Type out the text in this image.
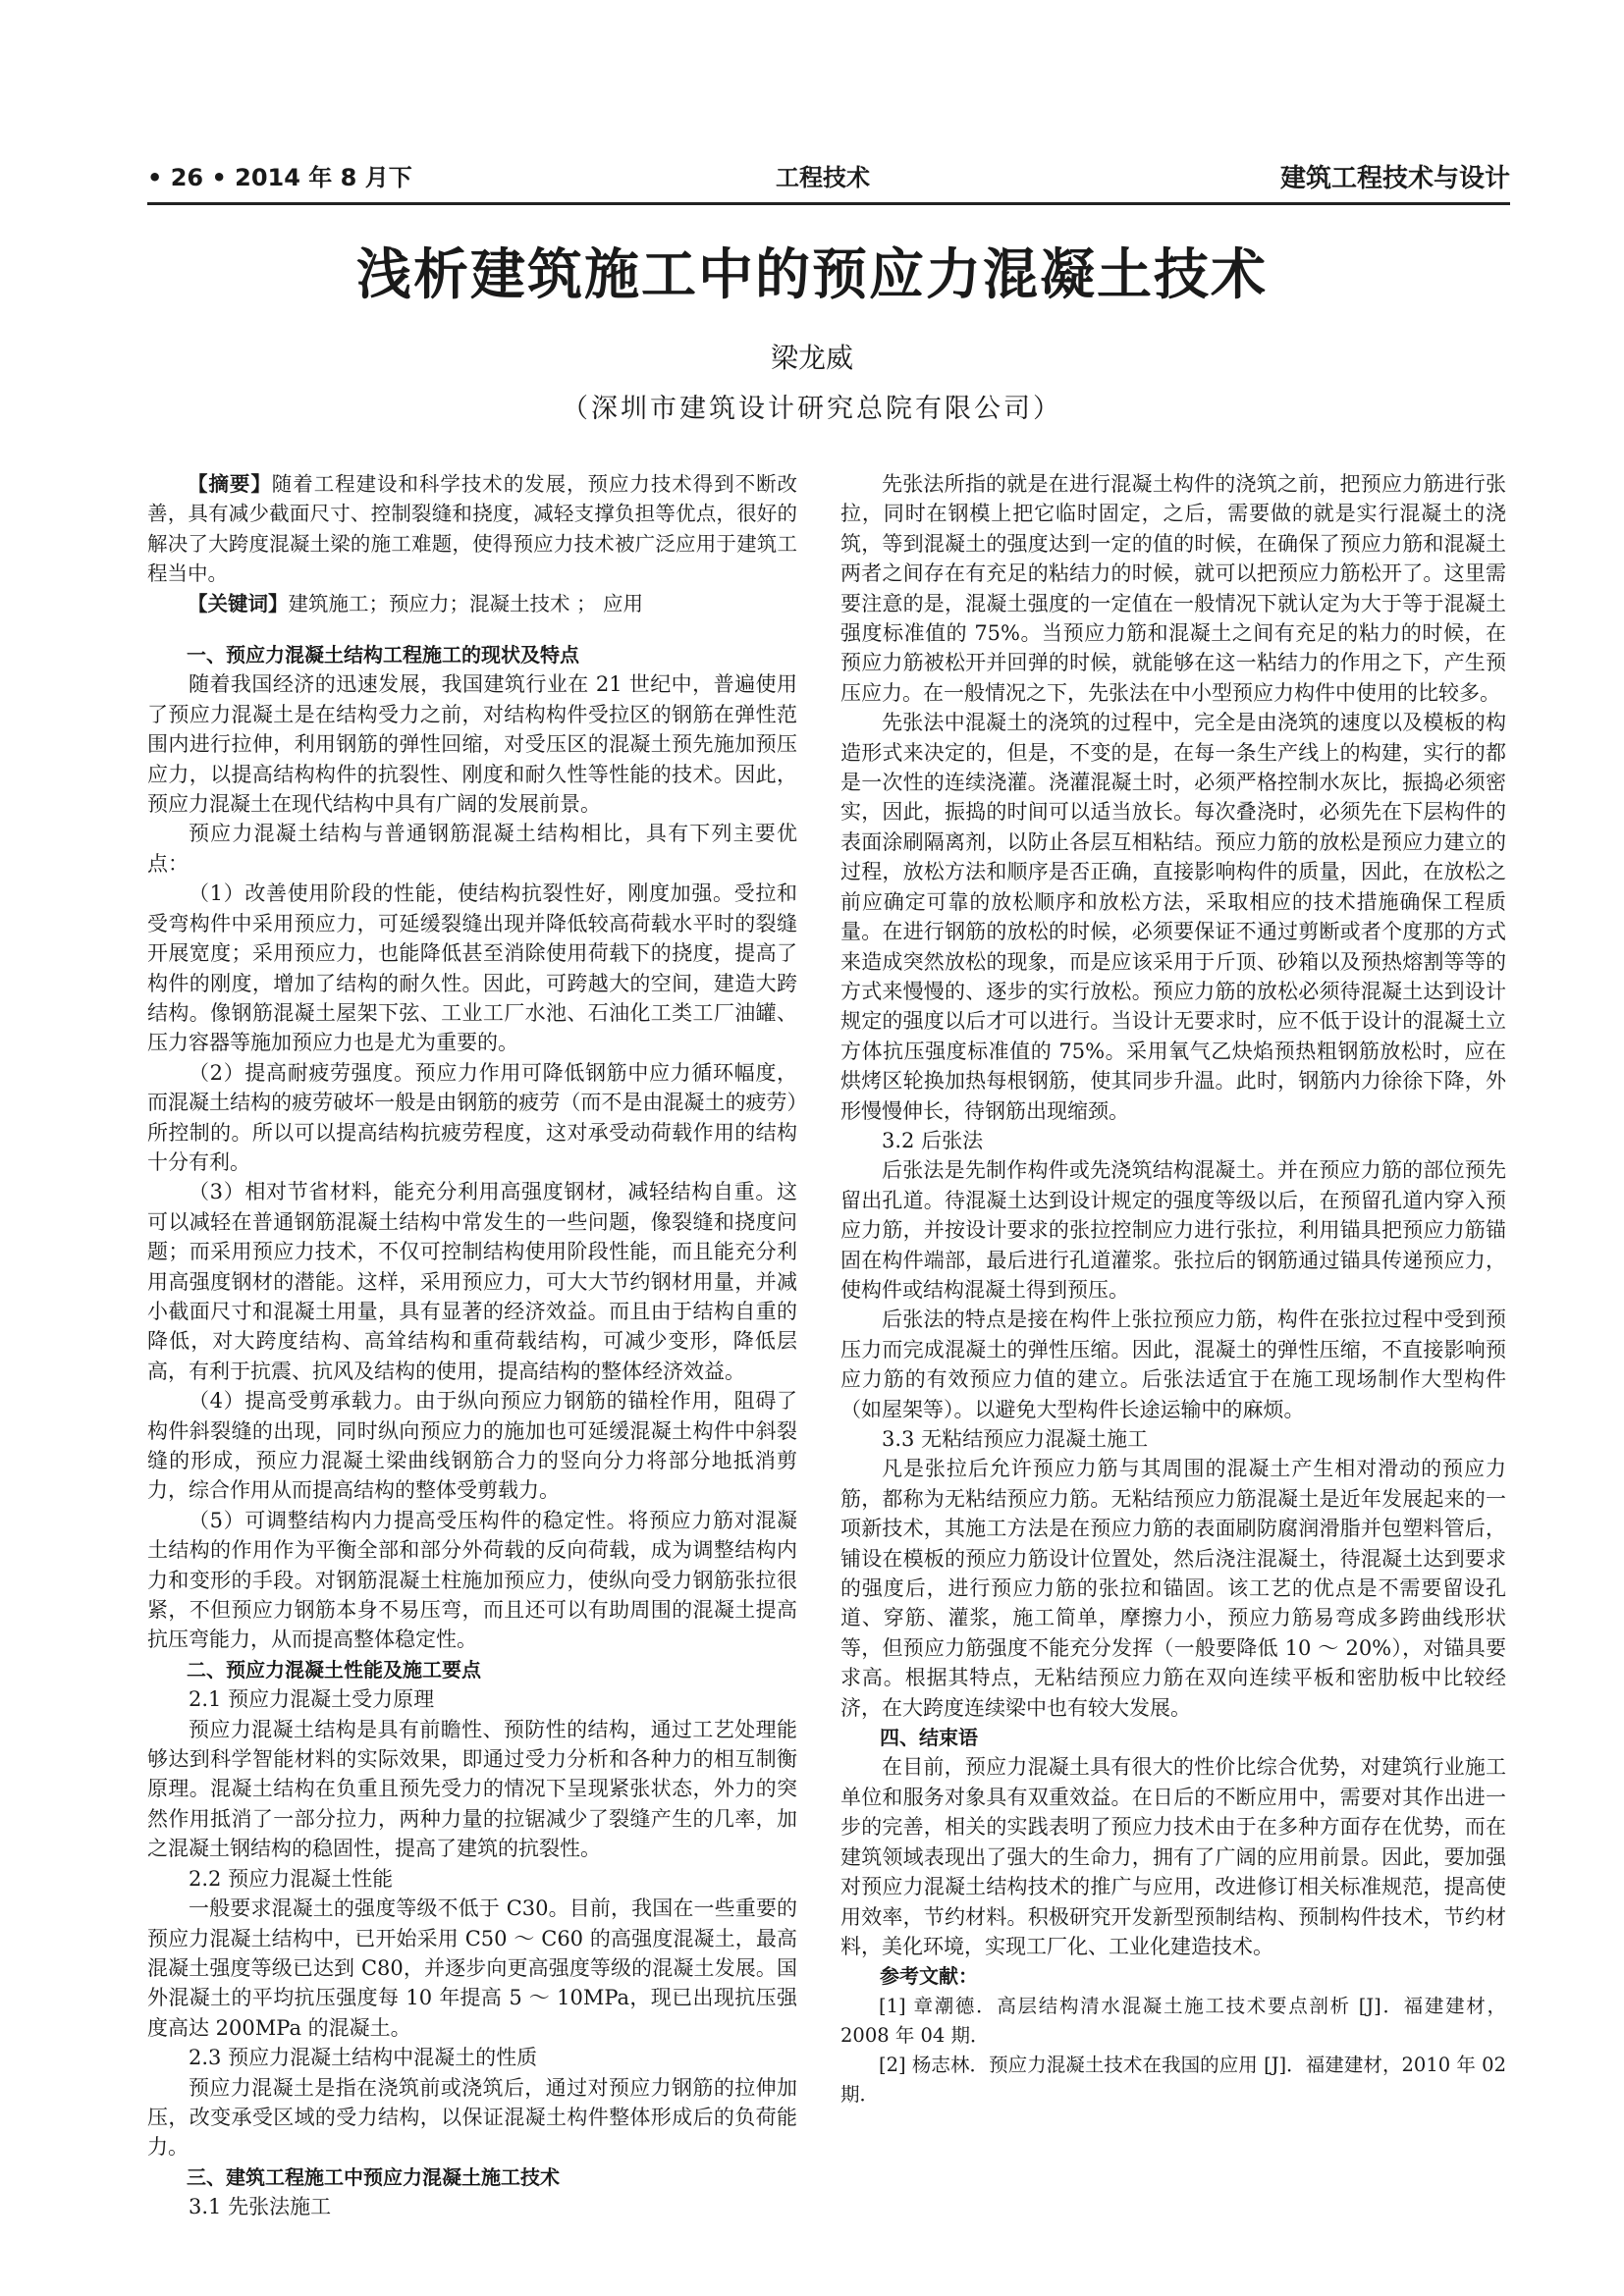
• 26 • 2014 年 8 月下	工程技术	建筑工程技术与设计
浅析建筑施工中的预应力混凝土技术
梁龙威
（深圳市建筑设计研究总院有限公司）

【摘要】随着工程建设和科学技术的发展，预应力技术得到不断改善，具有减少截面尺寸、控制裂缝和挠度，减轻支撑负担等优点，很好的解决了大跨度混凝土梁的施工难题，使得预应力技术被广泛应用于建筑工程当中。

【关键词】建筑施工；预应力；混凝土技术 ； 应用

一、预应力混凝土结构工程施工的现状及特点

随着我国经济的迅速发展，我国建筑行业在 21 世纪中，普遍使用了预应力混凝土是在结构受力之前，对结构构件受拉区的钢筋在弹性范围内进行拉伸，利用钢筋的弹性回缩，对受压区的混凝土预先施加预压应力，以提高结构构件的抗裂性、刚度和耐久性等性能的技术。因此，预应力混凝土在现代结构中具有广阔的发展前景。

预应力混凝土结构与普通钢筋混凝土结构相比，具有下列主要优点：

（1）改善使用阶段的性能，使结构抗裂性好，刚度加强。受拉和受弯构件中采用预应力，可延缓裂缝出现并降低较高荷载水平时的裂缝开展宽度；采用预应力，也能降低甚至消除使用荷载下的挠度，提高了构件的刚度，增加了结构的耐久性。因此，可跨越大的空间，建造大跨结构。像钢筋混凝土屋架下弦、工业工厂水池、石油化工类工厂油罐、压力容器等施加预应力也是尤为重要的。

（2）提高耐疲劳强度。预应力作用可降低钢筋中应力循环幅度，而混凝土结构的疲劳破坏一般是由钢筋的疲劳（而不是由混凝土的疲劳）所控制的。所以可以提高结构抗疲劳程度，这对承受动荷载作用的结构十分有利。

（3）相对节省材料，能充分利用高强度钢材，减轻结构自重。这可以减轻在普通钢筋混凝土结构中常发生的一些问题，像裂缝和挠度问题；而采用预应力技术，不仅可控制结构使用阶段性能，而且能充分利用高强度钢材的潜能。这样，采用预应力，可大大节约钢材用量，并减小截面尺寸和混凝土用量，具有显著的经济效益。而且由于结构自重的降低，对大跨度结构、高耸结构和重荷载结构，可减少变形，降低层高，有利于抗震、抗风及结构的使用，提高结构的整体经济效益。

（4）提高受剪承载力。由于纵向预应力钢筋的锚栓作用，阻碍了构件斜裂缝的出现，同时纵向预应力的施加也可延缓混凝土构件中斜裂缝的形成，预应力混凝土梁曲线钢筋合力的竖向分力将部分地抵消剪力，综合作用从而提高结构的整体受剪载力。

（5）可调整结构内力提高受压构件的稳定性。将预应力筋对混凝土结构的作用作为平衡全部和部分外荷载的反向荷载，成为调整结构内力和变形的手段。对钢筋混凝土柱施加预应力，使纵向受力钢筋张拉很紧，不但预应力钢筋本身不易压弯，而且还可以有助周围的混凝土提高抗压弯能力，从而提高整体稳定性。

二、预应力混凝土性能及施工要点

2.1 预应力混凝土受力原理

预应力混凝土结构是具有前瞻性、预防性的结构，通过工艺处理能够达到科学智能材料的实际效果，即通过受力分析和各种力的相互制衡原理。混凝土结构在负重且预先受力的情况下呈现紧张状态，外力的突然作用抵消了一部分拉力，两种力量的拉锯减少了裂缝产生的几率，加之混凝土钢结构的稳固性，提高了建筑的抗裂性。

2.2 预应力混凝土性能

一般要求混凝土的强度等级不低于 C30。目前，我国在一些重要的预应力混凝土结构中，已开始采用 C50 ～ C60 的高强度混凝土，最高混凝土强度等级已达到 C80，并逐步向更高强度等级的混凝土发展。国外混凝土的平均抗压强度每 10 年提高 5 ～ 10MPa，现已出现抗压强度高达 200MPa 的混凝土。

2.3 预应力混凝土结构中混凝土的性质

预应力混凝土是指在浇筑前或浇筑后，通过对预应力钢筋的拉伸加压，改变承受区域的受力结构，以保证混凝土构件整体形成后的负荷能力。

三、建筑工程施工中预应力混凝土施工技术

3.1 先张法施工

先张法所指的就是在进行混凝土构件的浇筑之前，把预应力筋进行张拉，同时在钢模上把它临时固定，之后，需要做的就是实行混凝土的浇筑，等到混凝土的强度达到一定的值的时候，在确保了预应力筋和混凝土两者之间存在有充足的粘结力的时候，就可以把预应力筋松开了。这里需要注意的是，混凝土强度的一定值在一般情况下就认定为大于等于混凝土强度标准值的 75%。当预应力筋和混凝土之间有充足的粘力的时候，在预应力筋被松开并回弹的时候，就能够在这一粘结力的作用之下，产生预压应力。在一般情况之下，先张法在中小型预应力构件中使用的比较多。

先张法中混凝土的浇筑的过程中，完全是由浇筑的速度以及模板的构造形式来决定的，但是，不变的是，在每一条生产线上的构建，实行的都是一次性的连续浇灌。浇灌混凝土时，必须严格控制水灰比，振捣必须密实，因此，振捣的时间可以适当放长。每次叠浇时，必须先在下层构件的表面涂刷隔离剂，以防止各层互相粘结。预应力筋的放松是预应力建立的过程，放松方法和顺序是否正确，直接影响构件的质量，因此，在放松之前应确定可靠的放松顺序和放松方法，采取相应的技术措施确保工程质量。在进行钢筋的放松的时候，必须要保证不通过剪断或者个度那的方式来造成突然放松的现象，而是应该采用于斤顶、砂箱以及预热熔割等等的方式来慢慢的、逐步的实行放松。预应力筋的放松必须待混凝土达到设计规定的强度以后才可以进行。当设计无要求时，应不低于设计的混凝土立方体抗压强度标准值的 75%。采用氧气乙炔焰预热粗钢筋放松时，应在烘烤区轮换加热每根钢筋，使其同步升温。此时，钢筋内力徐徐下降，外形慢慢伸长，待钢筋出现缩颈。

3.2 后张法

后张法是先制作构件或先浇筑结构混凝土。并在预应力筋的部位预先留出孔道。待混凝土达到设计规定的强度等级以后，在预留孔道内穿入预应力筋，并按设计要求的张拉控制应力进行张拉，利用锚具把预应力筋锚固在构件端部，最后进行孔道灌浆。张拉后的钢筋通过锚具传递预应力，使构件或结构混凝土得到预压。

后张法的特点是接在构件上张拉预应力筋，构件在张拉过程中受到预压力而完成混凝土的弹性压缩。因此，混凝土的弹性压缩，不直接影响预应力筋的有效预应力值的建立。后张法适宜于在施工现场制作大型构件（如屋架等）。以避免大型构件长途运输中的麻烦。

3.3 无粘结预应力混凝土施工

凡是张拉后允许预应力筋与其周围的混凝土产生相对滑动的预应力筋，都称为无粘结预应力筋。无粘结预应力筋混凝土是近年发展起来的一项新技术，其施工方法是在预应力筋的表面刷防腐润滑脂并包塑料管后，铺设在模板的预应力筋设计位置处，然后浇注混凝土，待混凝土达到要求的强度后，进行预应力筋的张拉和锚固。该工艺的优点是不需要留设孔道、穿筋、灌浆，施工简单，摩擦力小，预应力筋易弯成多跨曲线形状等，但预应力筋强度不能充分发挥（一般要降低 10 ～ 20%），对锚具要求高。根据其特点，无粘结预应力筋在双向连续平板和密肋板中比较经济，在大跨度连续梁中也有较大发展。

四、结束语

在目前，预应力混凝土具有很大的性价比综合优势，对建筑行业施工单位和服务对象具有双重效益。在日后的不断应用中，需要对其作出进一步的完善，相关的实践表明了预应力技术由于在多种方面存在优势，而在建筑领域表现出了强大的生命力，拥有了广阔的应用前景。因此，要加强对预应力混凝土结构技术的推广与应用，改进修订相关标准规范，提高使用效率，节约材料。积极研究开发新型预制结构、预制构件技术，节约材料，美化环境，实现工厂化、工业化建造技术。

参考文献：

[1] 章潮德．高层结构清水混凝土施工技术要点剖析 [J]．福建建材，2008 年 04 期．

[2] 杨志林．预应力混凝土技术在我国的应用 [J]．福建建材，2010 年 02 期．
